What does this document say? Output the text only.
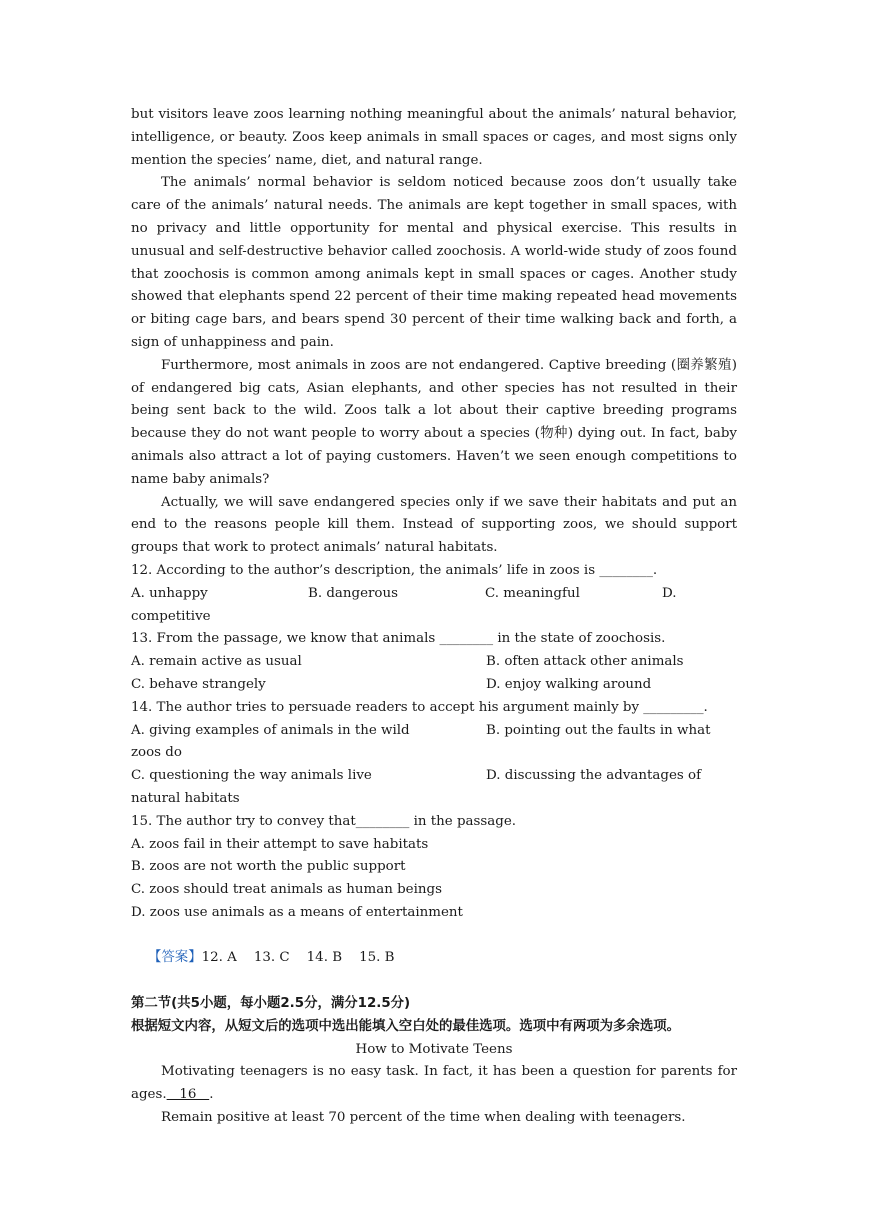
but visitors leave zoos learning nothing meaningful about the animals’ natural behavior, intelligence, or beauty. Zoos keep animals in small spaces or cages, and most signs only mention the species’ name, diet, and natural range.

The animals’ normal behavior is seldom noticed because zoos don’t usually take care of the animals’ natural needs. The animals are kept together in small spaces, with no privacy and little opportunity for mental and physical exercise. This results in unusual and self-destructive behavior called zoochosis. A world-wide study of zoos found that zoochosis is common among animals kept in small spaces or cages. Another study showed that elephants spend 22 percent of their time making repeated head movements or biting cage bars, and bears spend 30 percent of their time walking back and forth, a sign of unhappiness and pain.

Furthermore, most animals in zoos are not endangered. Captive breeding (圈养繁殖) of endangered big cats, Asian elephants, and other species has not resulted in their being sent back to the wild. Zoos talk a lot about their captive breeding programs because they do not want people to worry about a species (物种) dying out. In fact, baby animals also attract a lot of paying customers. Haven’t we seen enough competitions to name baby animals?

Actually, we will save endangered species only if we save their habitats and put an end to the reasons people kill them. Instead of supporting zoos, we should support groups that work to protect animals’ natural habitats.

12. According to the author’s description, the animals’ life in zoos is ________.

A. unhappy	B. dangerous	C. meaningful	D.

competitive

13. From the passage, we know that animals ________ in the state of zoochosis.

A. remain active as usual	B. often attack other animals
C. behave strangely	D. enjoy walking around

14. The author tries to persuade readers to accept his argument mainly by _________.

A. giving examples of animals in the wild	B. pointing out the faults in what

zoos do

C. questioning the way animals live	D. discussing the advantages of

natural habitats

15. The author try to convey that________ in the passage.

A. zoos fail in their attempt to save habitats

B. zoos are not worth the public support

C. zoos should treat animals as human beings

D. zoos use animals as a means of entertainment

【答案】12. A    13. C    14. B    15. B

第二节(共5小题，每小题2.5分，满分12.5分)

根据短文内容，从短文后的选项中选出能填入空白处的最佳选项。选项中有两项为多余选项。

How to Motivate Teens

Motivating teenagers is no easy task. In fact, it has been a question for parents for ages.   16   .

Remain positive at least 70 percent of the time when dealing with teenagers.
